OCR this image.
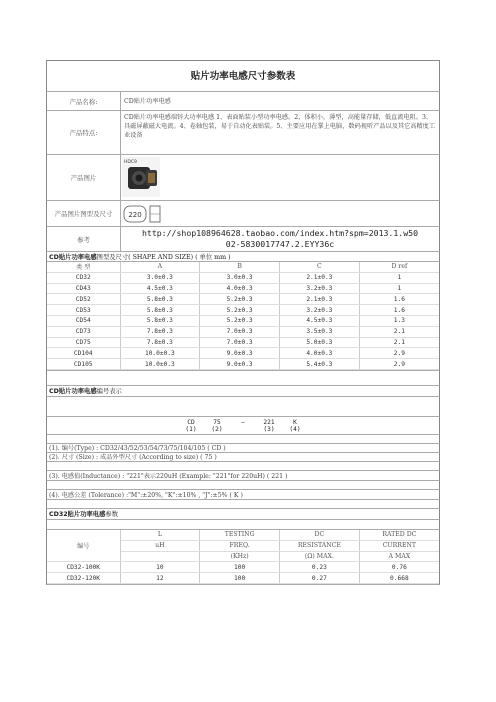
贴片功率电感尺寸参数表
产品名称:	CD贴片功率电感
产品特点:
CD贴片功率电感端锌大功率电感 1、表面贴装小型功率电感。2、体积小，薄型，高能量存储，低直流电阻。3、具磁屏蔽磁大电流。4、卷轴包装，易于自动化表贴装。5、主要应用在掌上电脑，数码视听产品以及其它高精度工业设备
产品图片
HDC9
产品图片图型及尺寸	220
参考
http://shop108964628.taobao.com/index.htm?spm=2013.1.w50
02-5830017747.2.EYY36c
CD贴片功率电感 图型及尺寸( SHAPE AND SIZE) ( 单位 mm )
类 型	A	B	C	D ref
CD32	3.0±0.3	3.0±0.3	2.1±0.3	1
CD43	4.5±0.3	4.0±0.3	3.2±0.3	1
CD52	5.8±0.3	5.2±0.3	2.1±0.3	1.6
CD53	5.8±0.3	5.2±0.3	3.2±0.3	1.6
CD54	5.8±0.3	5.2±0.3	4.5±0.3	1.3
CD73	7.8±0.3	7.0±0.3	3.5±0.3	2.1
CD75	7.8±0.3	7.0±0.3	5.0±0.3	2.1
CD104	10.0±0.3	9.0±0.3	4.0±0.3	2.9
CD105	10.0±0.3	9.0±0.3	5.4±0.3	2.9
CD贴片功率电感 编号表示
CD	75	—	221	K
(1)	(2)	(3)	(4)
(1). 编号(Type) : CD32/43/52/53/54/73/75/104/105 ( CD )
(2). 尺寸 (Size) : 成品外型尺寸 (According to size) ( 75 )
(3). 电感值(Inductance) : "221"表示220uH (Example: "221"for 220uH) ( 221 )
(4). 电感公差 (Tolerance) :"M":±20%, "K":±10% , "J":±5% ( K )
CD32贴片功率电感 参数
编号	L	TESTING	DC	RATED DC
	uH	FREQ.	RESISTANCE	CURRENT
		(KHz)	(Ω) MAX.	A MAX
CD32-100K	10	100	0.23	0.76
CD32-120K	12	100	0.27	0.668
